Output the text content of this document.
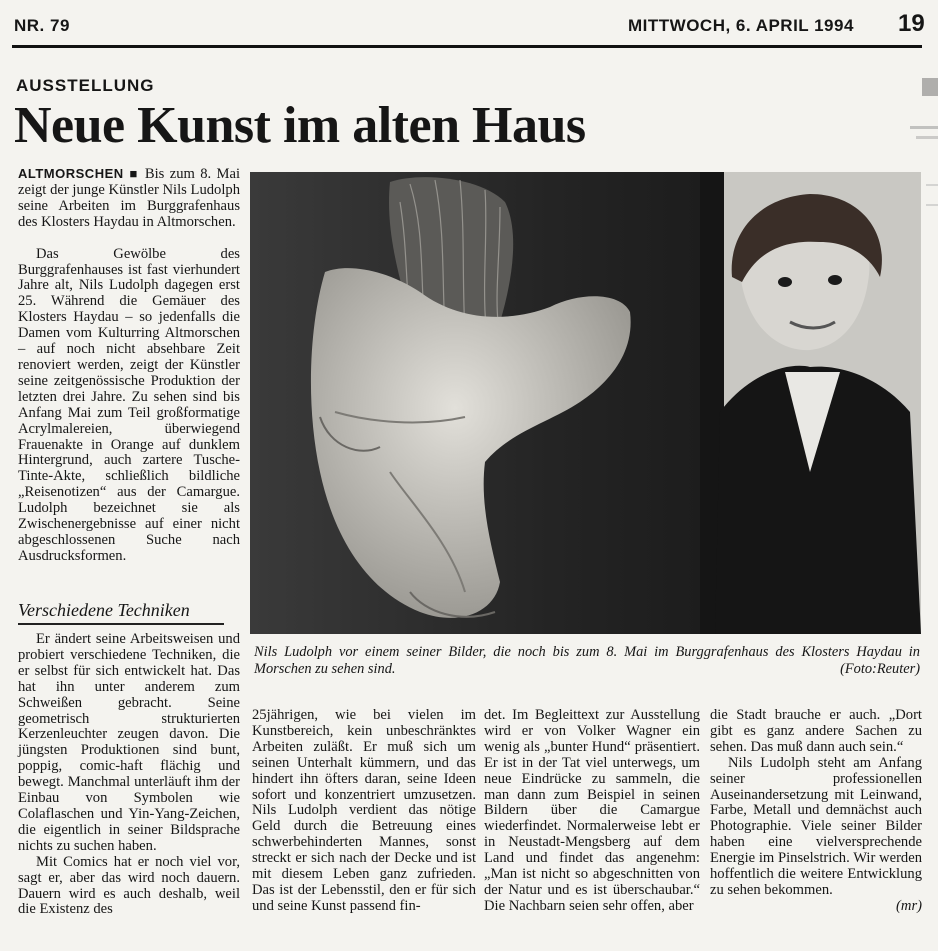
NR. 79	MITTWOCH, 6. APRIL 1994 19
AUSSTELLUNG
Neue Kunst im alten Haus

ALTMORSCHEN ■ Bis zum 8. Mai zeigt der junge Künstler Nils Ludolph seine Arbeiten im Burggrafenhaus des Klosters Haydau in Altmorschen.

Das Gewölbe des Burggrafenhauses ist fast vierhundert Jahre alt, Nils Ludolph dagegen erst 25. Während die Gemäuer des Klosters Haydau – so jedenfalls die Damen vom Kulturring Altmorschen – auf noch nicht absehbare Zeit renoviert werden, zeigt der Künstler seine zeitgenössische Produktion der letzten drei Jahre. Zu sehen sind bis Anfang Mai zum Teil großformatige Acrylmalereien, überwiegend Frauenakte in Orange auf dunklem Hintergrund, auch zartere Tusche-Tinte-Akte, schließlich bildliche „Reisenotizen“ aus der Camargue. Ludolph bezeichnet sie als Zwischenergebnisse auf einer nicht abgeschlossenen Suche nach Ausdrucksformen.

Verschiedene Techniken

Er ändert seine Arbeitsweisen und probiert verschiedene Techniken, die er selbst für sich entwickelt hat. Das hat ihn unter anderem zum Schweißen gebracht. Seine geometrisch strukturierten Kerzenleuchter zeugen davon. Die jüngsten Produktionen sind bunt, poppig, comic-haft flächig und bewegt. Manchmal unterläuft ihm der Einbau von Symbolen wie Colaflaschen und Yin-Yang-Zeichen, die eigentlich in seiner Bildsprache nichts zu suchen haben.

Mit Comics hat er noch viel vor, sagt er, aber das wird noch dauern. Dauern wird es auch deshalb, weil die Existenz des

Nils Ludolph vor einem seiner Bilder, die noch bis zum 8. Mai im Burggrafenhaus des Klosters Haydau in Morschen zu sehen sind.	(Foto:Reuter)

25jährigen, wie bei vielen im Kunstbereich, kein unbeschränktes Arbeiten zuläßt. Er muß sich um seinen Unterhalt kümmern, und das hindert ihn öfters daran, seine Ideen sofort und konzentriert umzusetzen. Nils Ludolph verdient das nötige Geld durch die Betreuung eines schwerbehinderten Mannes, sonst streckt er sich nach der Decke und ist mit diesem Leben ganz zufrieden. Das ist der Lebensstil, den er für sich und seine Kunst passend fin-

det. Im Begleittext zur Ausstellung wird er von Volker Wagner ein wenig als „bunter Hund“ präsentiert. Er ist in der Tat viel unterwegs, um neue Eindrücke zu sammeln, die man dann zum Beispiel in seinen Bildern über die Camargue wiederfindet. Normalerweise lebt er in Neustadt-Mengsberg auf dem Land und findet das angenehm: „Man ist nicht so abgeschnitten von der Natur und es ist überschaubar.“ Die Nachbarn seien sehr offen, aber

die Stadt brauche er auch. „Dort gibt es ganz andere Sachen zu sehen. Das muß dann auch sein.“

Nils Ludolph steht am Anfang seiner professionellen Auseinandersetzung mit Leinwand, Farbe, Metall und demnächst auch Photographie. Viele seiner Bilder haben eine vielversprechende Energie im Pinselstrich. Wir werden hoffentlich die weitere Entwicklung zu sehen bekommen.

(mr)
